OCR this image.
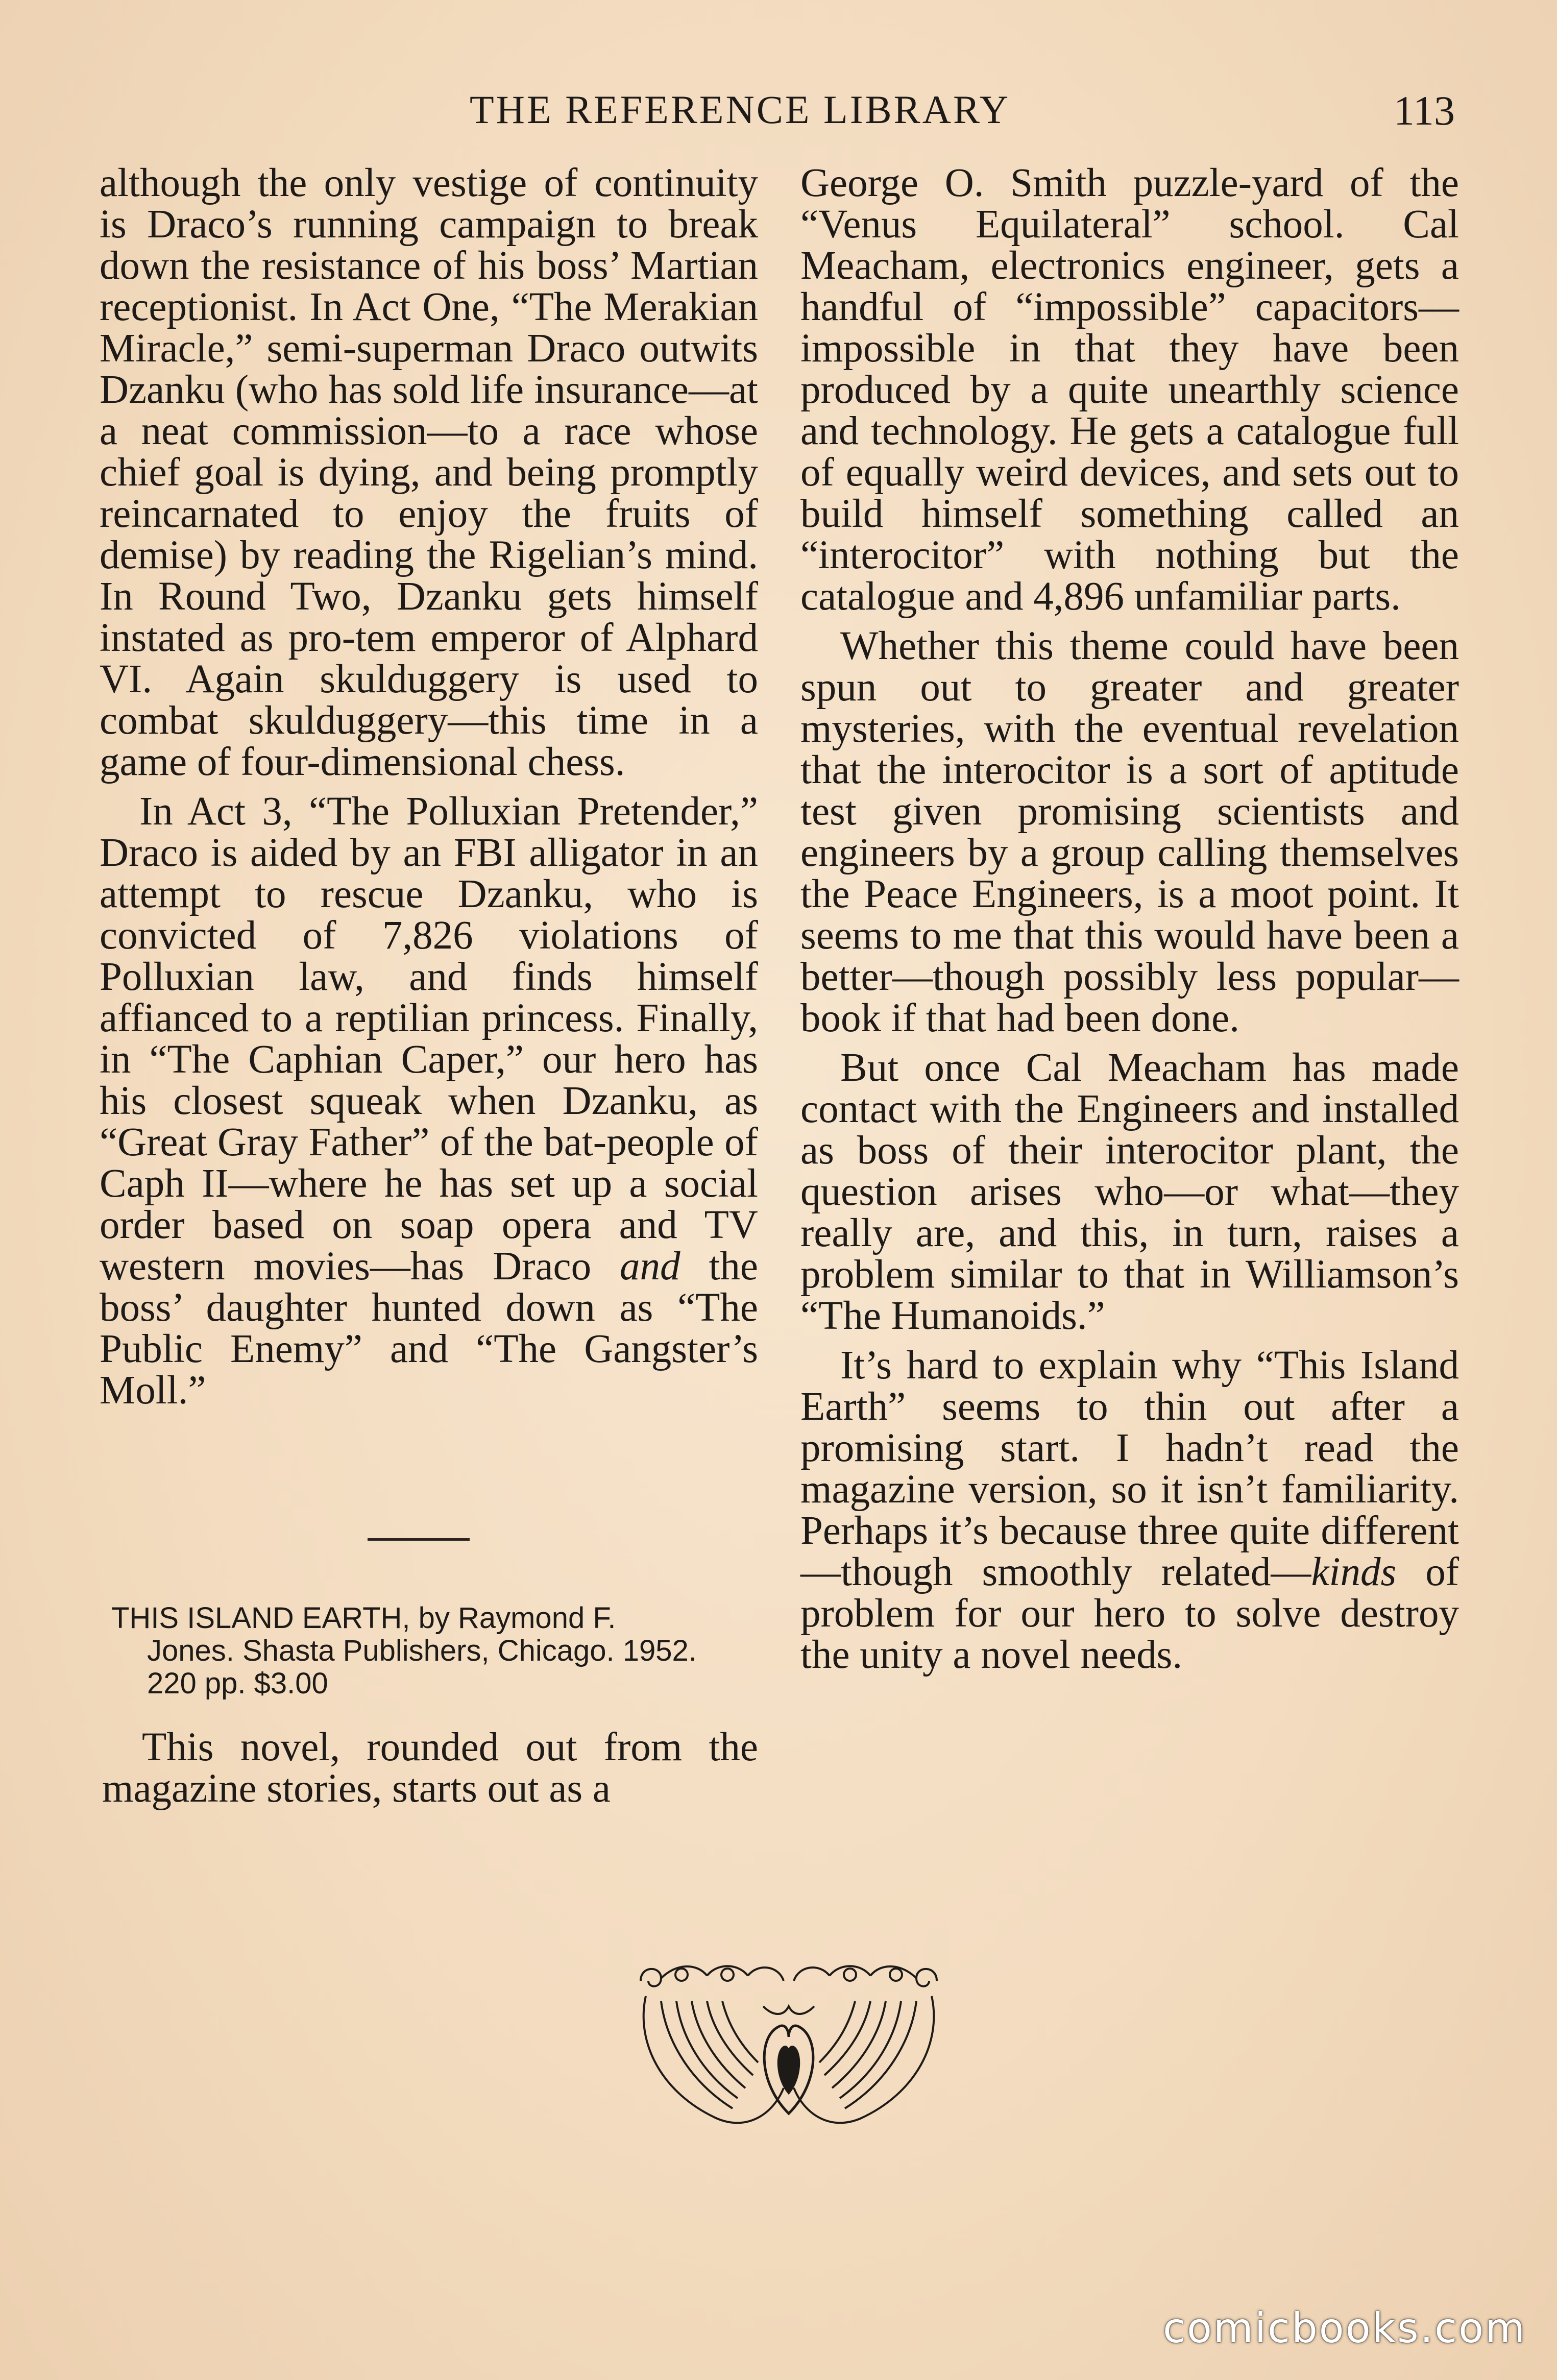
THE REFERENCE LIBRARY	113

although the only vestige of continuity is Draco’s running campaign to break down the resistance of his boss’ Martian receptionist. In Act One, “The Merakian Miracle,” semi-superman Draco outwits Dzanku (who has sold life insurance—at a neat commission—to a race whose chief goal is dying, and being promptly reincarnated to enjoy the fruits of demise) by reading the Rigelian’s mind. In Round Two, Dzanku gets himself instated as pro-tem emperor of Alphard VI. Again skulduggery is used to combat skulduggery—this time in a game of four-dimensional chess.

In Act 3, “The Polluxian Pretender,” Draco is aided by an FBI alligator in an attempt to rescue Dzanku, who is convicted of 7,826 violations of Polluxian law, and finds himself affianced to a reptilian princess. Finally, in “The Caphian Caper,” our hero has his closest squeak when Dzanku, as “Great Gray Father” of the bat-people of Caph II—where he has set up a social order based on soap opera and TV western movies—has Draco and the boss’ daughter hunted down as “The Public Enemy” and “The Gangster’s Moll.”

THIS ISLAND EARTH, by Raymond F.
Jones. Shasta Publishers, Chicago. 1952.
220 pp. $3.00

This novel, rounded out from the magazine stories, starts out as a

George O. Smith puzzle-yard of the “Venus Equilateral” school. Cal Meacham, electronics engineer, gets a handful of “impossible” capacitors—impossible in that they have been produced by a quite unearthly science and technology. He gets a catalogue full of equally weird devices, and sets out to build himself something called an “interocitor” with nothing but the catalogue and 4,896 unfamiliar parts.

Whether this theme could have been spun out to greater and greater mysteries, with the eventual revelation that the interocitor is a sort of aptitude test given promising scientists and engineers by a group calling themselves the Peace Engineers, is a moot point. It seems to me that this would have been a better—though possibly less popular—book if that had been done.

But once Cal Meacham has made contact with the Engineers and installed as boss of their interocitor plant, the question arises who—or what—they really are, and this, in turn, raises a problem similar to that in Williamson’s “The Humanoids.”

It’s hard to explain why “This Island Earth” seems to thin out after a promising start. I hadn’t read the magazine version, so it isn’t familiarity. Perhaps it’s because three quite different—though smoothly related—kinds of problem for our hero to solve destroy the unity a novel needs.

comicbooks.com
